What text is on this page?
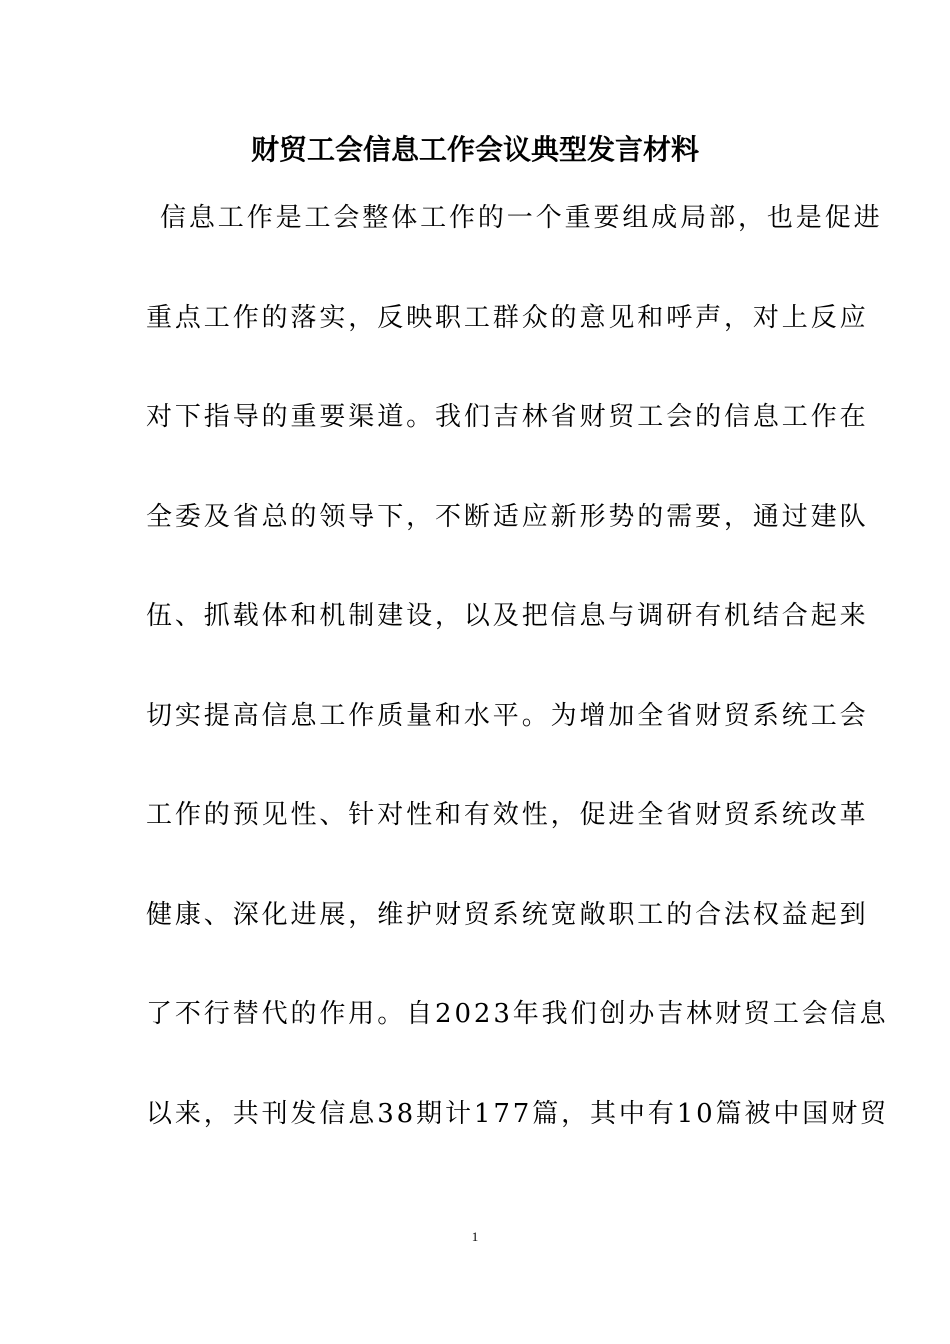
财贸工会信息工作会议典型发言材料
信息工作是工会整体工作的一个重要组成局部，也是促进
重点工作的落实，反映职工群众的意见和呼声，对上反应
对下指导的重要渠道。我们吉林省财贸工会的信息工作在
全委及省总的领导下，不断适应新形势的需要，通过建队
伍、抓载体和机制建设，以及把信息与调研有机结合起来
切实提高信息工作质量和水平。为增加全省财贸系统工会
工作的预见性、针对性和有效性，促进全省财贸系统改革
健康、深化进展，维护财贸系统宽敞职工的合法权益起到
了不行替代的作用。自2023年我们创办吉林财贸工会信息
以来，共刊发信息38期计177篇，其中有10篇被中国财贸
1
